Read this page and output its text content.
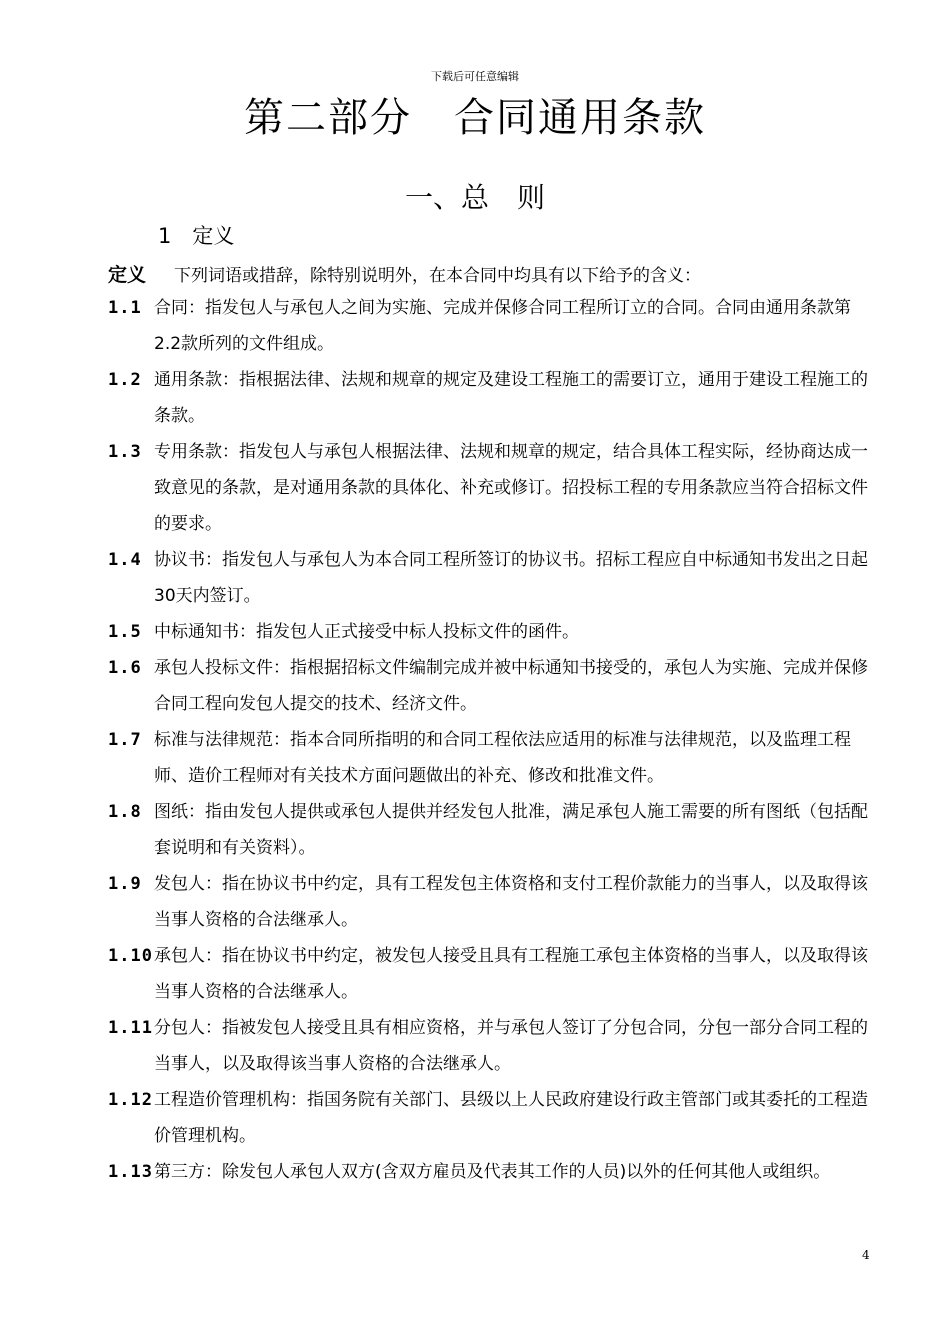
下载后可任意编辑
第二部分　合同通用条款
一、总　则
1　定义
定义 下列词语或措辞，除特别说明外，在本合同中均具有以下给予的含义：
1.1 合同：指发包人与承包人之间为实施、完成并保修合同工程所订立的合同。合同由通用条款第2.2款所列的文件组成。
1.2 通用条款：指根据法律、法规和规章的规定及建设工程施工的需要订立，通用于建设工程施工的条款。
1.3 专用条款：指发包人与承包人根据法律、法规和规章的规定，结合具体工程实际，经协商达成一致意见的条款，是对通用条款的具体化、补充或修订。招投标工程的专用条款应当符合招标文件的要求。
1.4 协议书：指发包人与承包人为本合同工程所签订的协议书。招标工程应自中标通知书发出之日起30天内签订。
1.5 中标通知书：指发包人正式接受中标人投标文件的函件。
1.6 承包人投标文件：指根据招标文件编制完成并被中标通知书接受的，承包人为实施、完成并保修合同工程向发包人提交的技术、经济文件。
1.7 标准与法律规范：指本合同所指明的和合同工程依法应适用的标准与法律规范，以及监理工程师、造价工程师对有关技术方面问题做出的补充、修改和批准文件。
1.8 图纸：指由发包人提供或承包人提供并经发包人批准，满足承包人施工需要的所有图纸（包括配套说明和有关资料）。
1.9 发包人：指在协议书中约定，具有工程发包主体资格和支付工程价款能力的当事人，以及取得该当事人资格的合法继承人。
1.10 承包人：指在协议书中约定，被发包人接受且具有工程施工承包主体资格的当事人，以及取得该当事人资格的合法继承人。
1.11 分包人：指被发包人接受且具有相应资格，并与承包人签订了分包合同，分包一部分合同工程的当事人，以及取得该当事人资格的合法继承人。
1.12 工程造价管理机构：指国务院有关部门、县级以上人民政府建设行政主管部门或其委托的工程造价管理机构。
1.13 第三方：除发包人承包人双方(含双方雇员及代表其工作的人员)以外的任何其他人或组织。
4
